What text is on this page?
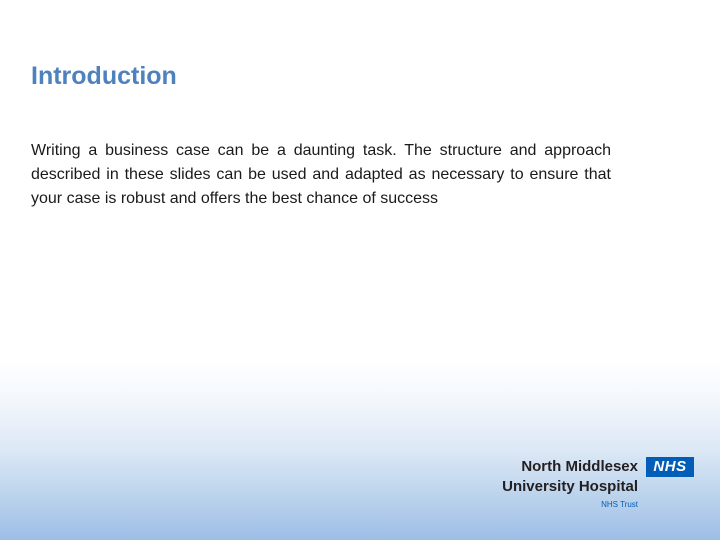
Introduction

Writing a business case can be a daunting task. The structure and approach described in these slides can be used and adapted as necessary to ensure that your case is robust and offers the best chance of success

North Middlesex	NHS
University Hospital
NHS Trust
